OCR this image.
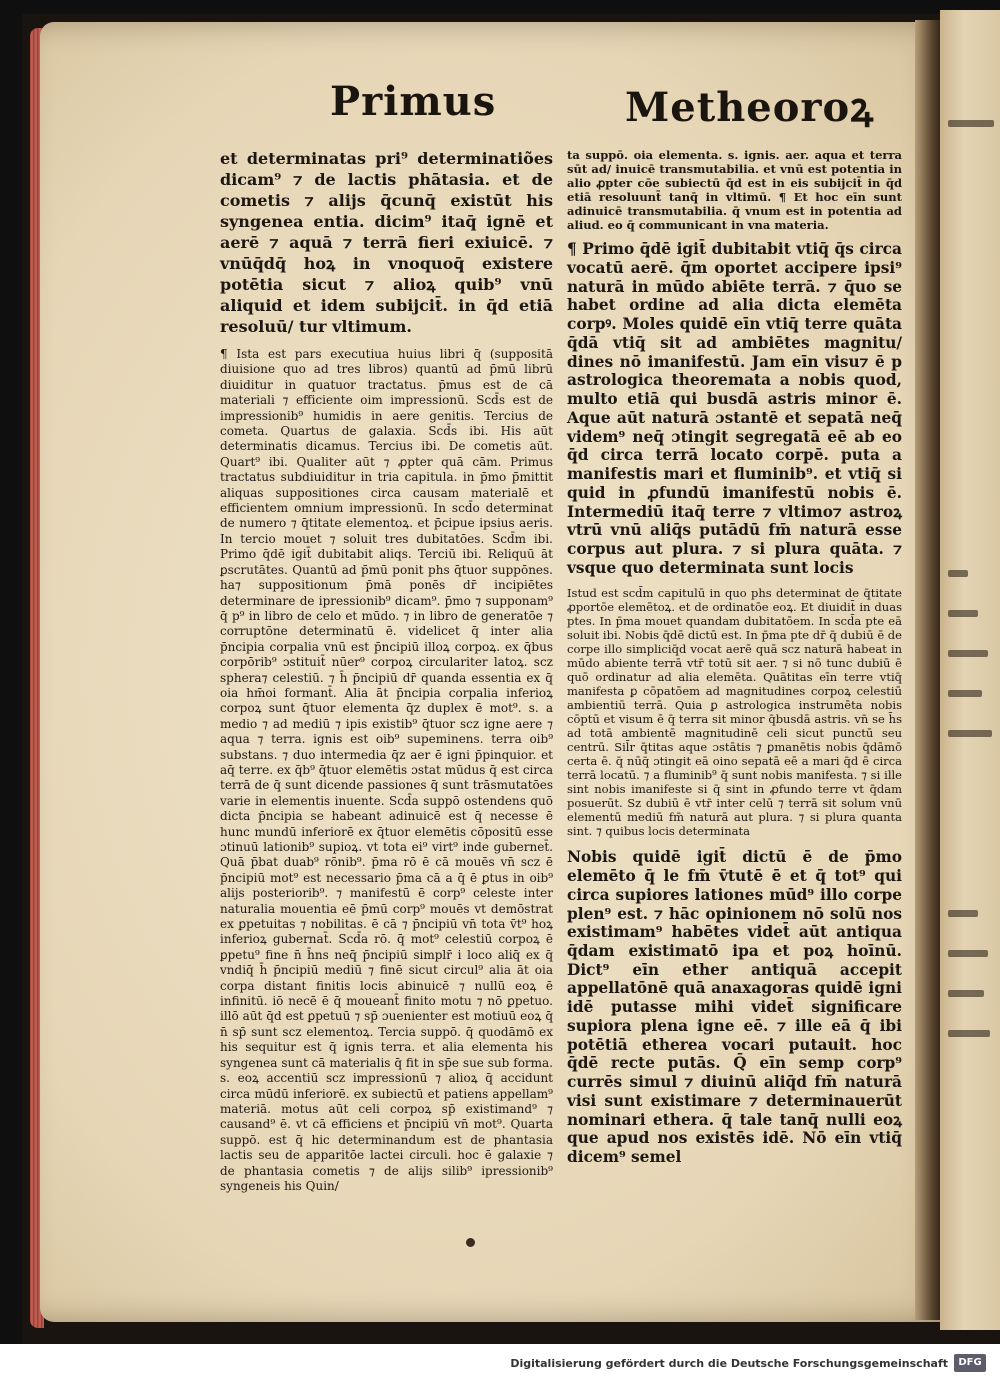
Primus	Metheoroꝝ
et determinatas pri⁹ determinatiões dicam⁹ ⁊ de lactis phātasia. et de cometis ⁊ alijs q̄cunq̄ existūt his syngenea entia. dicim⁹ itaq̄ ignē et aerē ⁊ aquā ⁊ terrā fieri exiuicē. ⁊ vnūq̄dq̄ hoꝝ in vnoquoq̄ existere potētia sicut ⁊ alioꝝ quib⁹ vnū aliquid et idem subijcit̄. in q̄d etiā resoluū/ tur vltimum.
¶ Ista est pars executiua huius libri q̄ (suppositā diuisione quo ad tres libros) quantū ad p̄mū librū diuiditur in quatuor tractatus. p̄mus est de cā materiali ⁊ efficiente oim impressionū. Scd̄s est de impressionib⁹ humidis in aere genitis. Tercius de cometa. Quartus de galaxia. Scd̄s ibi. His aūt determinatis dicamus. Tercius ibi. De cometis aūt. Quart⁹ ibi. Qualiter aūt ⁊ ꝓpter quā cām. Primus tractatus subdiuiditur in tria capitula. in p̄mo p̄mittit aliquas suppositiones circa causam materialē et efficientem omnium impressionū. In scd̄o determinat de numero ⁊ q̄titate elementoꝝ. et p̄cipue ipsius aeris. In tercio mouet ⁊ soluit tres dubitatōes. Scd̄m ibi. Primo q̄dē igit̄ dubitabit aliqs. Terciū ibi. Reliquū āt ꝑscrutātes. Quantū ad p̄mū ponit phs q̄tuor suppōnes. ha⁊ suppositionum p̄mā ponēs dr̄ incipiētes determinare de ipressionib⁹ dicam⁹. p̄mo ⁊ supponam⁹ q̄ p⁹ in libro de celo et mūdo. ⁊ in libro de generatōe ⁊ corruptōne determinatū ē. videlicet q̄ inter alia p̄ncipia corpalia vnū est p̄ncipiū illoꝝ corpoꝝ. ex q̄bus corpōrib⁹ ɔstituit̄ nūer⁹ corpoꝝ circulariter latoꝝ. scz sphera⁊ celestiū. ⁊ h̄ p̄ncipiū dr̄ quanda essentia ex q̄ oia hm̄oi formant̄. Alia āt p̄ncipia corpalia inferioꝝ corpoꝝ sunt q̄tuor elementa q̄z duplex ē mot⁹. s. a medio ⁊ ad mediū ⁊ ipis existib⁹ q̄tuor scz igne aere ⁊ aqua ⁊ terra. ignis est oib⁹ supeminens. terra oib⁹ substans. ⁊ duo intermedia q̄z aer ē igni p̄pinquior. et aq̄ terre. ex q̄b⁹ q̄tuor elemētis ɔstat mūdus q̄ est circa terrā de q̄ sunt dicende passiones q̄ sunt trāsmutatōes varie in elementis inuente. Scd̄a suppō ostendens quō dicta p̄ncipia se habeant adinuicē est q̄ necesse ē hunc mundū inferiorē ex q̄tuor elemētis cōpositū esse ɔtinuū lationib⁹ supioꝝ. vt tota ei⁹ virt⁹ inde gubernet̄. Quā p̄bat duab⁹ rōnib⁹. p̄ma rō ē cā mouēs vn̄ scz ē p̄ncipiū mot⁹ est necessario p̄ma cā a q̄ ē ꝑtus in oib⁹ alijs posteriorib⁹. ⁊ manifestū ē corp⁹ celeste inter naturalia mouentia eē p̄mū corp⁹ mouēs vt demōstrat ex ꝑpetuitas ⁊ nobilitas. ē cā ⁊ p̄ncipiū vn̄ tota v̄t⁹ hoꝝ inferioꝝ gubernat̄. Scd̄a rō. q̄ mot⁹ celestiū corpoꝝ ē ꝑpetu⁹ fine n̄ h̄ns neq̄ p̄ncipiū simplr̄ i loco aliq̄ ex q̄ vndiq̄ h̄ p̄ncipiū mediū ⁊ finē sicut circul⁹ alia āt oia corpa distant finitis locis abinuicē ⁊ nullū eoꝝ ē infinitū. iō necē ē q̄ moueant̄ finito motu ⁊ nō ꝑpetuo. illō aūt q̄d est ꝑpetuū ⁊ sp̄ ɔuenienter est motiuū eoꝝ q̄ n̄ sp̄ sunt scz elementoꝝ. Tercia suppō. q̄ quodāmō ex his sequitur est q̄ ignis terra. et alia elementa his syngenea sunt cā materialis q̄ fit in sp̄e sue sub forma. s. eoꝝ accentiū scz impressionū ⁊ alioꝝ q̄ accidunt circa mūdū inferiorē. ex subiectū et patiens appellam⁹ materiā. motus aūt celi corpoꝝ sp̄ existimand⁹ ⁊ causand⁹ ē. vt cā efficiens et p̄ncipiū vn̄ mot⁹. Quarta suppō. est q̄ hic determinandum est de phantasia lactis seu de apparitōe lactei circuli. hoc ē galaxie ⁊ de phantasia cometis ⁊ de alijs silib⁹ ipressionib⁹ syngeneis his Quin/
ta suppō. oia elementa. s. ignis. aer. aqua et terra sūt ad/ inuicē transmutabilia. et vnū est potentia in alio ꝓpter cōe subiectū q̄d est in eis subijcit̄ in q̄d etiā resoluunt̄ tanq̄ in vltimū. ¶ Et hoc eīn sunt adinuicē transmutabilia. q̄ vnum est in potentia ad aliud. eo q̄ communicant in vna materia.
¶ Primo q̄dē igit̄ dubitabit vtiq̄ q̄s circa vocatū aerē. q̄m oportet accipere ipsi⁹ naturā in mūdo abiēte terrā. ⁊ q̄uo se habet ordine ad alia dicta elemēta corpꝰ. Moles quidē eīn vtiq̄ terre quāta q̄dā vtiq̄ sit ad ambiētes magnitu/ dines nō imanifestū. Jam eīn visu⁊ ē p astrologica theoremata a nobis quod, multo etiā qui busdā astris minor ē. Aque aūt naturā ɔstantē et sepatā neq̄ videm⁹ neq̄ ɔtingit segregatā eē ab eo q̄d circa terrā locato corpē. puta a manifestis mari et fluminib⁹. et vtiq̄ si quid in ꝓfundū imanifestū nobis ē. Intermediū itaq̄ terre ⁊ vltimo⁊ astroꝝ vtrū vnū aliq̄s putādū fm̄ naturā esse corpus aut plura. ⁊ si plura quāta. ⁊ vsque quo determinata sunt locis
Istud est scd̄m capitulū in quo phs determinat de q̄titate ꝓportōe elemētoꝝ. et de ordinatōe eoꝝ. Et diuidit̄ in duas ptes. In p̄ma mouet quandam dubitatōem. In scd̄a pte eā soluit ibi. Nobis q̄dē dictū est. In p̄ma pte dr̄ q̄ dubiū ē de corpe illo simpliciq̄d vocat aerē quā scz naturā habeat in mūdo abiente terrā vtr̄ totū sit aer. ⁊ si nō tunc dubiū ē quō ordinatur ad alia elemēta. Quātitas eīn terre vtiq̄ manifesta ꝑ cōpatōem ad magnitudines corpoꝝ celestiū ambientiū terrā. Quia ꝑ astrologica instrumēta nobis cōptū et visum ē q̄ terra sit minor q̄busdā astris. vn̄ se h̄s ad totā ambientē magnitudinē celi sicut punctū seu centrū. Sil̄r q̄titas aque ɔstātis ⁊ ꝑmanētis nobis q̄dāmō certa ē. q̄ nūq̄ ɔtingit eā oino sepatā eē a mari q̄d ē circa terrā locatū. ⁊ a fluminib⁹ q̄ sunt nobis manifesta. ⁊ si ille sint nobis imanifeste si q̄ sint in ꝓfundo terre vt q̄dam posuerūt. Sz dubiū ē vtr̄ inter celū ⁊ terrā sit solum vnū elementū mediū fm̄ naturā aut plura. ⁊ si plura quanta sint. ⁊ quibus locis determinata
Nobis quidē igit̄ dictū ē de p̄mo elemēto q̄ le fm̄ v̄tutē ē et q̄ tot⁹ qui circa supiores lationes mūd⁹ illo corpe plen⁹ est. ⁊ hāc opinionem nō solū nos existimam⁹ habētes videt̄ aūt antiqua q̄dam existimatō ipa et poꝝ hoīnū. Dict⁹ eīn ether antiquā accepit appellatōnē quā anaxagoras quidē igni idē putasse mihi videt̄ significare supiora plena igne eē. ⁊ ille eā q̄ ibi potētiā etherea vocari putauit. hoc q̄dē recte putās. Q̄ eīn semp corp⁹ currēs simul ⁊ diuinū aliq̄d fm̄ naturā visi sunt existimare ⁊ determinauerūt nominari ethera. q̄ tale tanq̄ nulli eoꝝ que apud nos existēs idē. Nō eīn vtiq̄ dicem⁹ semel
Digitalisierung gefördert durch die Deutsche Forschungsgemeinschaft	DFG
